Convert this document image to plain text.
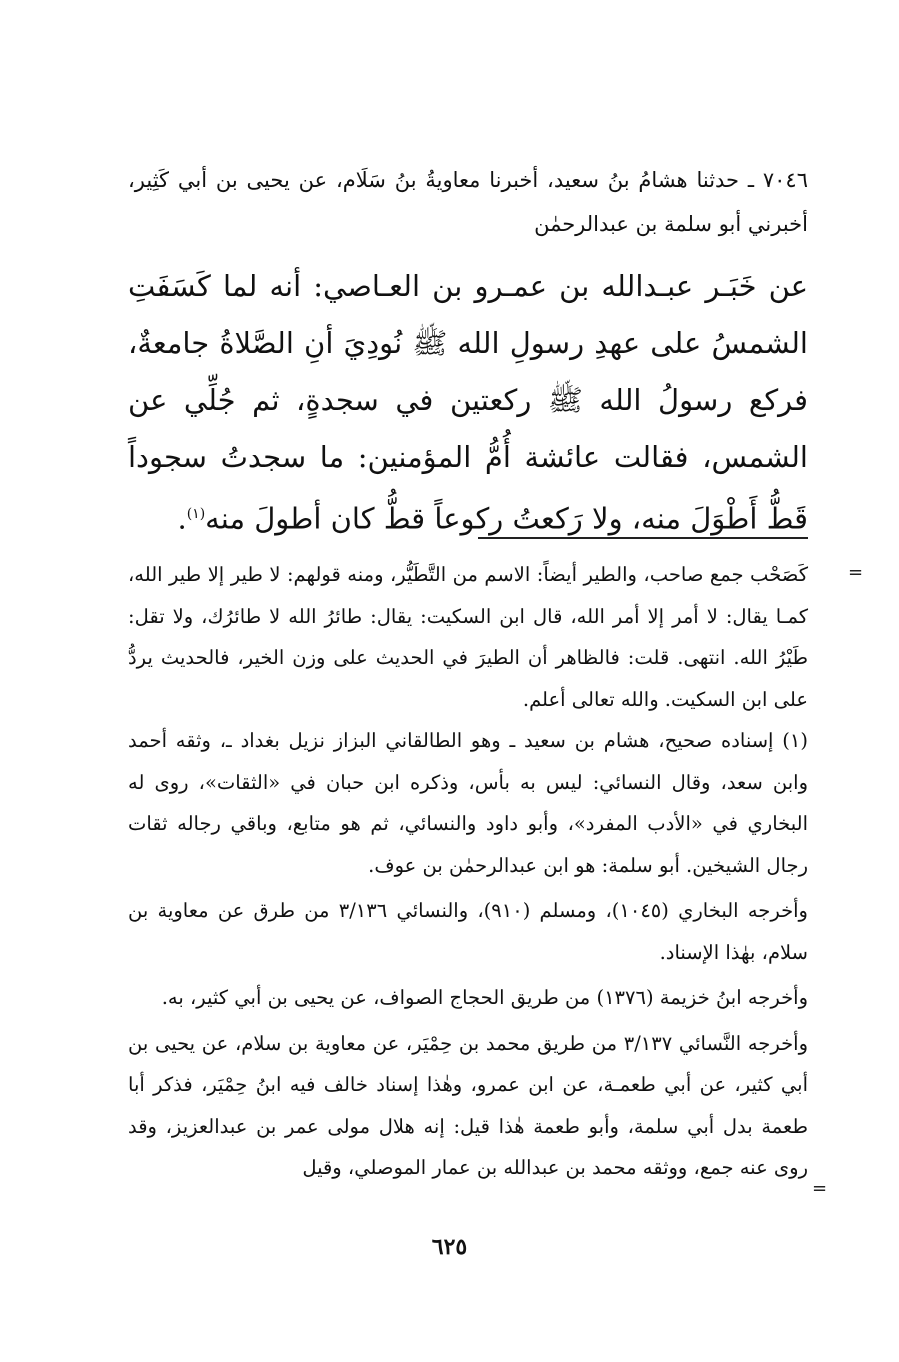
٧٠٤٦ ـ حدثنا هشامُ بنُ سعيد، أخبرنا معاويةُ بنُ سَلَام، عن يحيى بن أبي كَثِير، أخبرني أبو سلمة بن عبدالرحمٰن
عن خَبَـر عبـدالله بن عمـرو بن العـاصي: أنه لما كَسَفَتِ الشمسُ على عهدِ رسولِ الله ﷺ نُودِيَ أنِ الصَّلاةُ جامعةٌ، فركع رسولُ الله ﷺ ركعتين في سجدةٍ، ثم جُلِّي عن الشمس، فقالت عائشة أُمُّ المؤمنين: ما سجدتُ سجوداً قَطُّ أَطْوَلَ منه، ولا رَكعتُ ركوعاً قطُّ كان أطولَ منه$^{(١)}$.
=

كَصَحْب جمع صاحب، والطير أيضاً: الاسم من التَّطَيُّر، ومنه قولهم: لا طير إلا طير الله، كمـا يقال: لا أمر إلا أمر الله، قال ابن السكيت: يقال: طائرُ الله لا طائرُك، ولا تقل: طَيْرُ الله. انتهى. قلت: فالظاهر أن الطيرَ في الحديث على وزن الخير، فالحديث يردُّ على ابن السكيت. والله تعالى أعلم.

(١) إسناده صحيح، هشام بن سعيد ـ وهو الطالقاني البزاز نزيل بغداد ـ، وثقه أحمد وابن سعد، وقال النسائي: ليس به بأس، وذكره ابن حبان في «الثقات»، روى له البخاري في «الأدب المفرد»، وأبو داود والنسائي، ثم هو متابع، وباقي رجاله ثقات رجال الشيخين. أبو سلمة: هو ابن عبدالرحمٰن بن عوف.

وأخرجه البخاري (١٠٤٥)، ومسلم (٩١٠)، والنسائي ٣/١٣٦ من طرق عن معاوية بن سلام، بهٰذا الإسناد.

وأخرجه ابنُ خزيمة (١٣٧٦) من طريق الحجاج الصواف، عن يحيى بن أبي كثير، به.

وأخرجه النَّسائي ٣/١٣٧ من طريق محمد بن حِمْيَر، عن معاوية بن سلام، عن يحيى بن أبي كثير، عن أبي طعمـة، عن ابن عمرو، وهٰذا إسناد خالف فيه ابنُ حِمْيَر، فذكر أبا طعمة بدل أبي سلمة، وأبو طعمة هٰذا قيل: إنه هلال مولى عمر بن عبدالعزيز، وقد روى عنه جمع، ووثقه محمد بن عبدالله بن عمار الموصلي، وقيل

=
٦٢٥
